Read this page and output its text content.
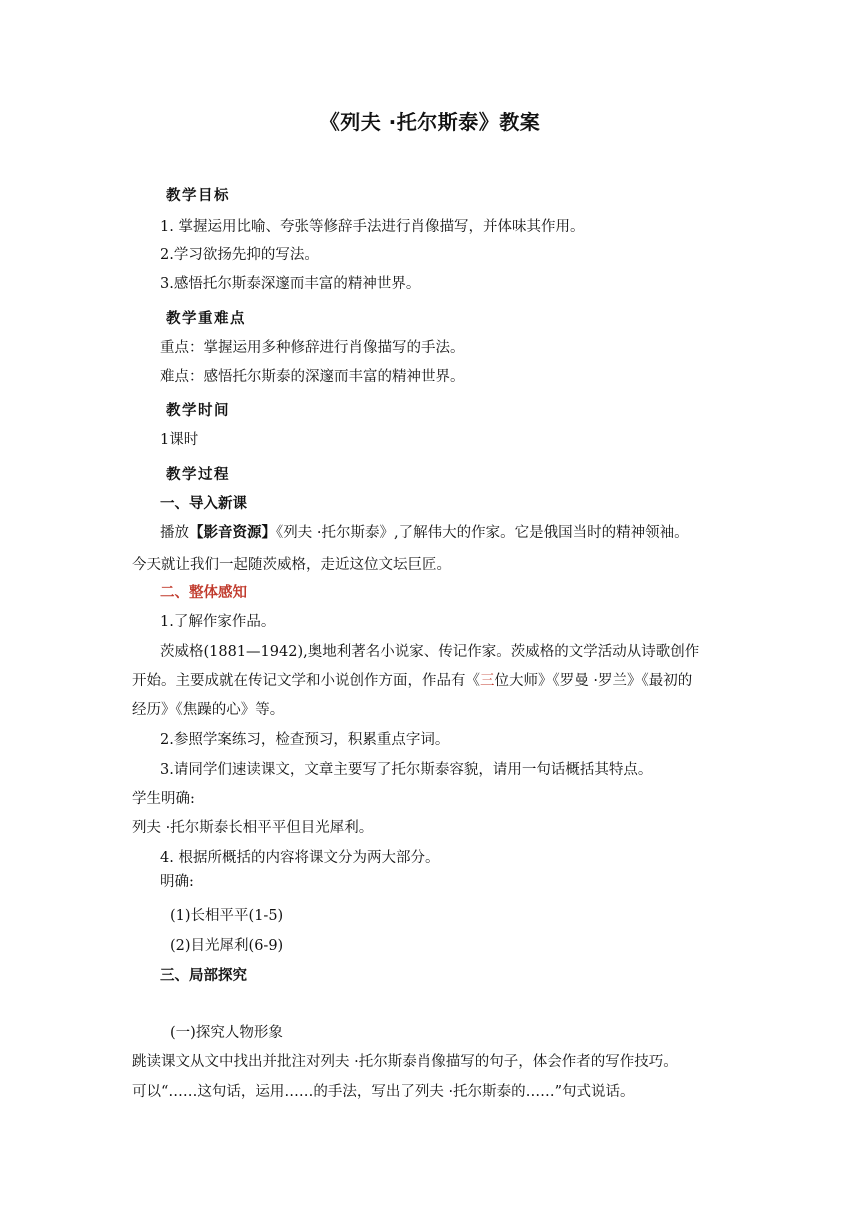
《列夫 ·托尔斯泰》教案
教学目标
1. 掌握运用比喻、夸张等修辞手法进行肖像描写，并体味其作用。
2.学习欲扬先抑的写法。
3.感悟托尔斯泰深邃而丰富的精神世界。
教学重难点
重点：掌握运用多种修辞进行肖像描写的手法。
难点：感悟托尔斯泰的深邃而丰富的精神世界。
教学时间
1课时
教学过程
一、导入新课
播放【影音资源】《列夫 ·托尔斯泰》,了解伟大的作家。它是俄国当时的精神领袖。
今天就让我们一起随茨威格，走近这位文坛巨匠。
二、整体感知
1.了解作家作品。
茨威格(1881—1942),奥地利著名小说家、传记作家。茨威格的文学活动从诗歌创作
开始。主要成就在传记文学和小说创作方面，作品有《三位大师》《罗曼 ·罗兰》《最初的
经历》《焦躁的心》等。
2.参照学案练习，检查预习，积累重点字词。
3.请同学们速读课文，文章主要写了托尔斯泰容貌，请用一句话概括其特点。
学生明确:
列夫 ·托尔斯泰长相平平但目光犀利。
4. 根据所概括的内容将课文分为两大部分。
明确:
(1)长相平平(1-5)
(2)目光犀利(6-9)
三、局部探究
(一)探究人物形象
跳读课文从文中找出并批注对列夫 ·托尔斯泰肖像描写的句子，体会作者的写作技巧。
可以“……这句话，运用……的手法，写出了列夫 ·托尔斯泰的……”句式说话。
